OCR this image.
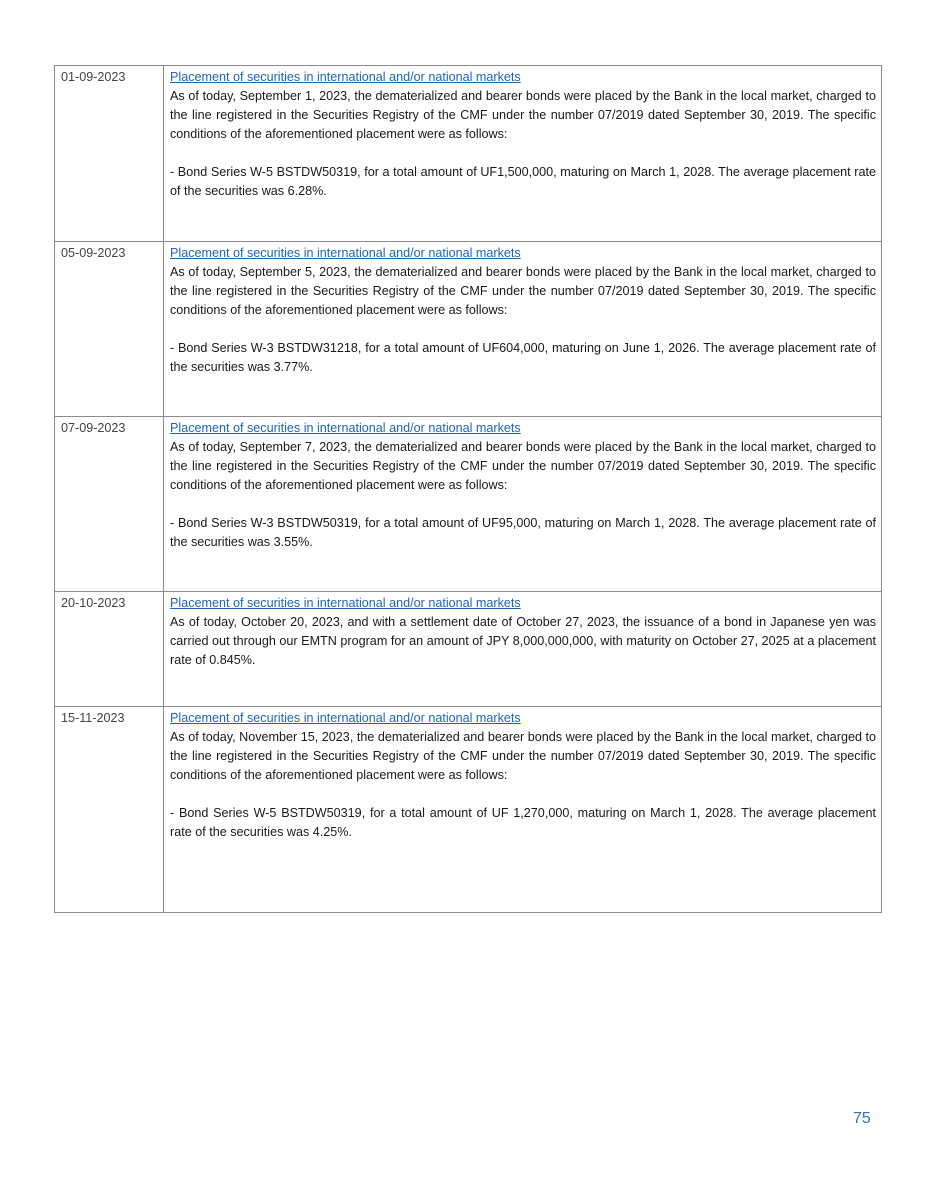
01-09-2023	Placement of securities in international and/or national markets

As of today, September 1, 2023, the dematerialized and bearer bonds were placed by the Bank in the local market, charged to the line registered in the Securities Registry of the CMF under the number 07/2019 dated September 30, 2019. The specific conditions of the aforementioned placement were as follows:

- Bond Series W-5 BSTDW50319, for a total amount of UF1,500,000, maturing on March 1, 2028. The average placement rate of the securities was 6.28%.

05-09-2023	Placement of securities in international and/or national markets

As of today, September 5, 2023, the dematerialized and bearer bonds were placed by the Bank in the local market, charged to the line registered in the Securities Registry of the CMF under the number 07/2019 dated September 30, 2019. The specific conditions of the aforementioned placement were as follows:

- Bond Series W-3 BSTDW31218, for a total amount of UF604,000, maturing on June 1, 2026. The average placement rate of the securities was 3.77%.

07-09-2023	Placement of securities in international and/or national markets

As of today, September 7, 2023, the dematerialized and bearer bonds were placed by the Bank in the local market, charged to the line registered in the Securities Registry of the CMF under the number 07/2019 dated September 30, 2019. The specific conditions of the aforementioned placement were as follows:

- Bond Series W-3 BSTDW50319, for a total amount of UF95,000, maturing on March 1, 2028. The average placement rate of the securities was 3.55%.

20-10-2023	Placement of securities in international and/or national markets

As of today, October 20, 2023, and with a settlement date of October 27, 2023, the issuance of a bond in Japanese yen was carried out through our EMTN program for an amount of JPY 8,000,000,000, with maturity on October 27, 2025 at a placement rate of 0.845%.

15-11-2023	Placement of securities in international and/or national markets

As of today, November 15, 2023, the dematerialized and bearer bonds were placed by the Bank in the local market, charged to the line registered in the Securities Registry of the CMF under the number 07/2019 dated September 30, 2019. The specific conditions of the aforementioned placement were as follows:

- Bond Series W-5 BSTDW50319, for a total amount of UF 1,270,000, maturing on March 1, 2028. The average placement rate of the securities was 4.25%.

75
